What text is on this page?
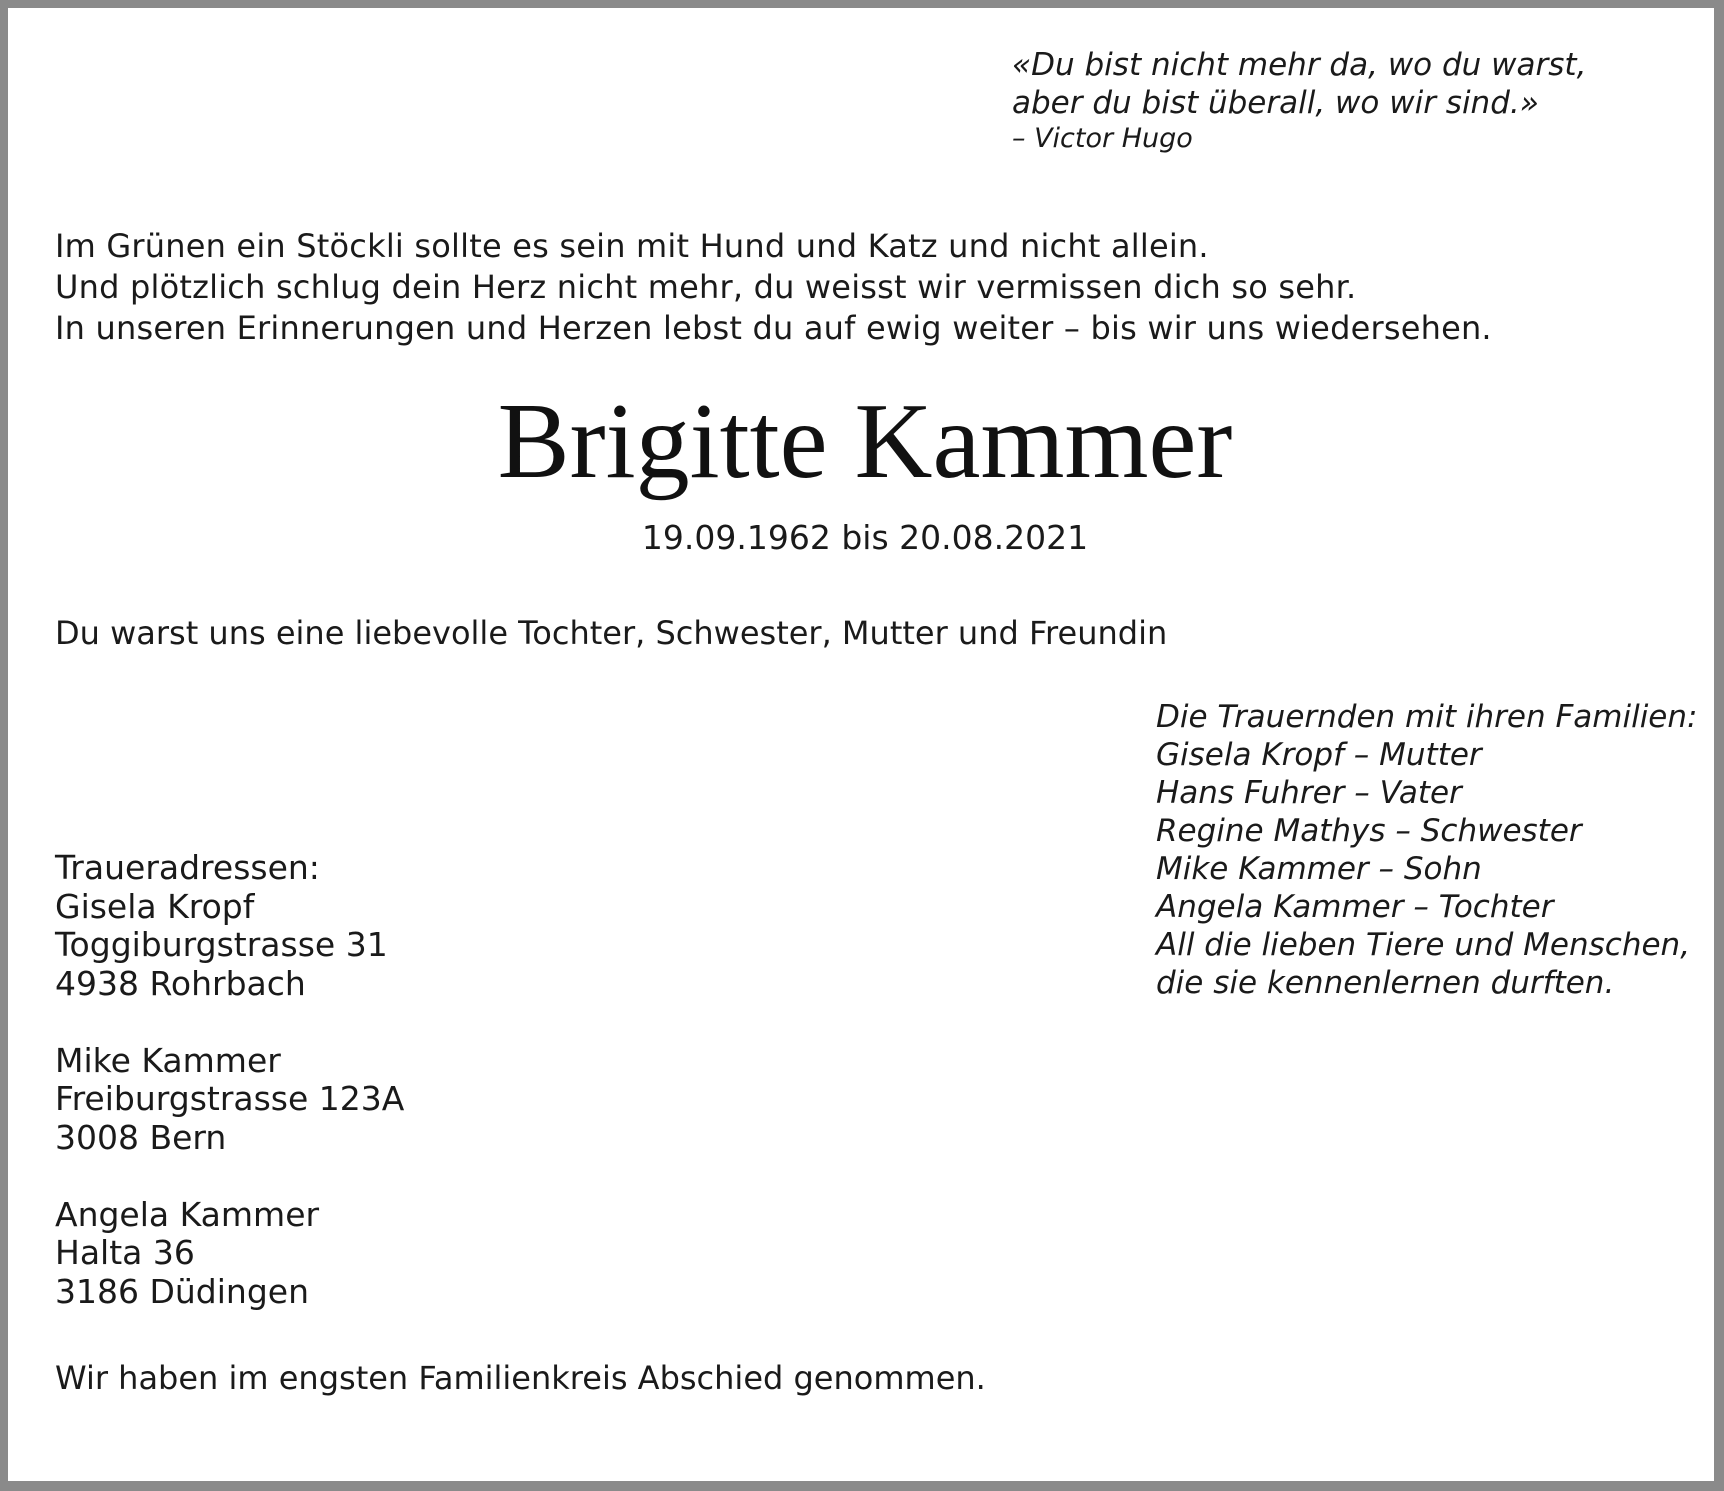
«Du bist nicht mehr da, wo du warst,
aber du bist überall, wo wir sind.»
– Victor Hugo
Im Grünen ein Stöckli sollte es sein mit Hund und Katz und nicht allein.
Und plötzlich schlug dein Herz nicht mehr, du weisst wir vermissen dich so sehr.
In unseren Erinnerungen und Herzen lebst du auf ewig weiter – bis wir uns wiedersehen.
Brigitte Kammer
19.09.1962 bis 20.08.2021
Du warst uns eine liebevolle Tochter, Schwester, Mutter und Freundin
Die Trauernden mit ihren Familien:
Gisela Kropf – Mutter
Hans Fuhrer – Vater
Regine Mathys – Schwester
Mike Kammer – Sohn
Angela Kammer – Tochter
All die lieben Tiere und Menschen,
die sie kennenlernen durften.
Traueradressen:
Gisela Kropf
Toggiburgstrasse 31
4938 Rohrbach
Mike Kammer
Freiburgstrasse 123A
3008 Bern
Angela Kammer
Halta 36
3186 Düdingen
Wir haben im engsten Familienkreis Abschied genommen.
